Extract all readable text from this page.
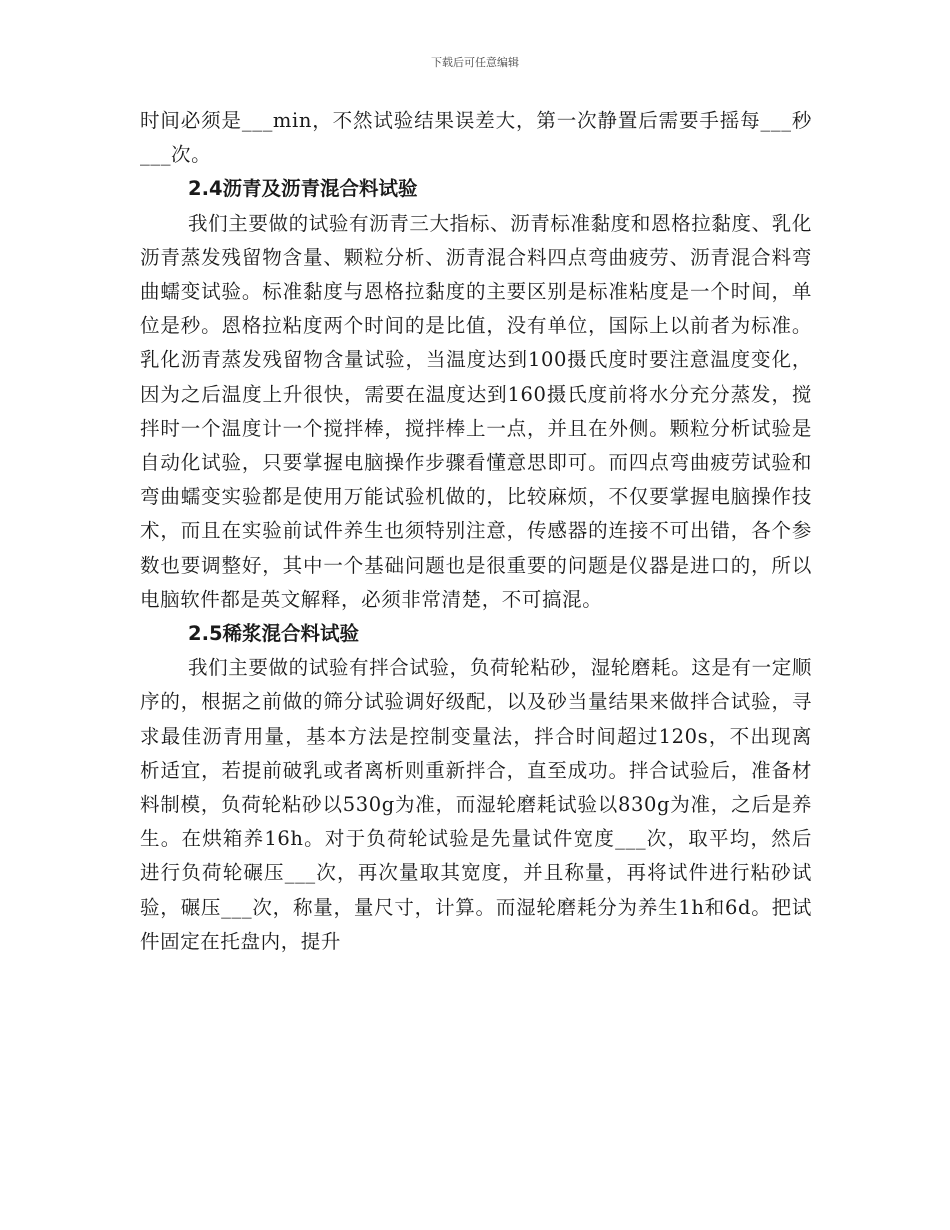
下载后可任意编辑

时间必须是___min，不然试验结果误差大，第一次静置后需要手摇每___秒___次。

2.4沥青及沥青混合料试验

我们主要做的试验有沥青三大指标、沥青标准黏度和恩格拉黏度、乳化沥青蒸发残留物含量、颗粒分析、沥青混合料四点弯曲疲劳、沥青混合料弯曲蠕变试验。标准黏度与恩格拉黏度的主要区别是标准粘度是一个时间，单位是秒。恩格拉粘度两个时间的是比值，没有单位，国际上以前者为标准。乳化沥青蒸发残留物含量试验，当温度达到100摄氏度时要注意温度变化，因为之后温度上升很快，需要在温度达到160摄氏度前将水分充分蒸发，搅拌时一个温度计一个搅拌棒，搅拌棒上一点，并且在外侧。颗粒分析试验是自动化试验，只要掌握电脑操作步骤看懂意思即可。而四点弯曲疲劳试验和弯曲蠕变实验都是使用万能试验机做的，比较麻烦，不仅要掌握电脑操作技术，而且在实验前试件养生也须特别注意，传感器的连接不可出错，各个参数也要调整好，其中一个基础问题也是很重要的问题是仪器是进口的，所以电脑软件都是英文解释，必须非常清楚，不可搞混。

2.5稀浆混合料试验

我们主要做的试验有拌合试验，负荷轮粘砂，湿轮磨耗。这是有一定顺序的，根据之前做的筛分试验调好级配，以及砂当量结果来做拌合试验，寻求最佳沥青用量，基本方法是控制变量法，拌合时间超过120s，不出现离析适宜，若提前破乳或者离析则重新拌合，直至成功。拌合试验后，准备材料制模，负荷轮粘砂以530g为准，而湿轮磨耗试验以830g为准，之后是养生。在烘箱养16h。对于负荷轮试验是先量试件宽度___次，取平均，然后进行负荷轮碾压___次，再次量取其宽度，并且称量，再将试件进行粘砂试验，碾压___次，称量，量尺寸，计算。而湿轮磨耗分为养生1h和6d。把试件固定在托盘内，提升
